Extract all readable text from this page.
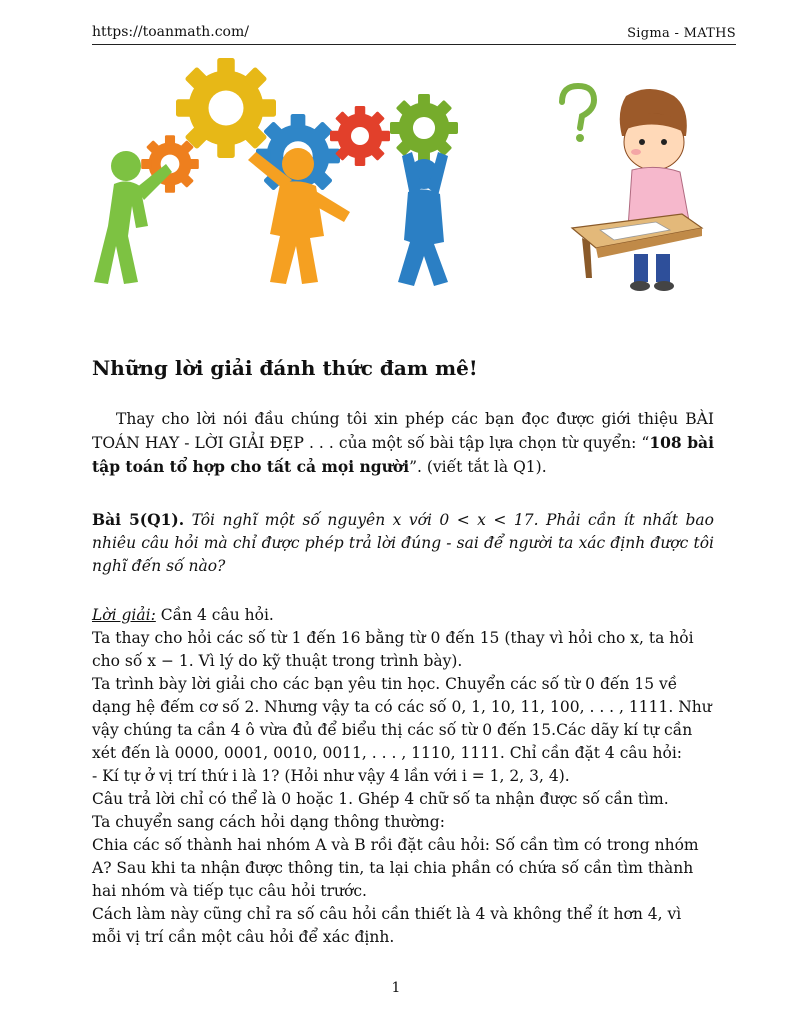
https://toanmath.com/	Sigma - MATHS
Những lời giải đánh thức đam mê!

Thay cho lời nói đầu chúng tôi xin phép các bạn đọc được giới thiệu BÀI TOÁN HAY - LỜI GIẢI ĐẸP . . . của một số bài tập lựa chọn từ quyển: “108 bài tập toán tổ hợp cho tất cả mọi người”. (viết tắt là Q1).

Bài 5(Q1). Tôi nghĩ một số nguyên x với 0 < x < 17. Phải cần ít nhất bao nhiêu câu hỏi mà chỉ được phép trả lời đúng - sai để người ta xác định được tôi nghĩ đến số nào?

Lời giải: Cần 4 câu hỏi.
Ta thay cho hỏi các số từ 1 đến 16 bằng từ 0 đến 15 (thay vì hỏi cho x, ta hỏi
cho số x − 1. Vì lý do kỹ thuật trong trình bày).
Ta trình bày lời giải cho các bạn yêu tin học. Chuyển các số từ 0 đến 15 về
dạng hệ đếm cơ số 2. Nhưng vậy ta có các số 0, 1, 10, 11, 100, . . . , 1111. Như
vậy chúng ta cần 4 ô vừa đủ để biểu thị các số từ 0 đến 15.Các dãy kí tự cần
xét đến là 0000, 0001, 0010, 0011, . . . , 1110, 1111. Chỉ cần đặt 4 câu hỏi:
- Kí tự ở vị trí thứ i là 1? (Hỏi như vậy 4 lần với i = 1, 2, 3, 4).
Câu trả lời chỉ có thể là 0 hoặc 1. Ghép 4 chữ số ta nhận được số cần tìm.
Ta chuyển sang cách hỏi dạng thông thường:
Chia các số thành hai nhóm A và B rồi đặt câu hỏi: Số cần tìm có trong nhóm
A? Sau khi ta nhận được thông tin, ta lại chia phần có chứa số cần tìm thành
hai nhóm và tiếp tục câu hỏi trước.
Cách làm này cũng chỉ ra số câu hỏi cần thiết là 4 và không thể ít hơn 4, vì
mỗi vị trí cần một câu hỏi để xác định.
1
